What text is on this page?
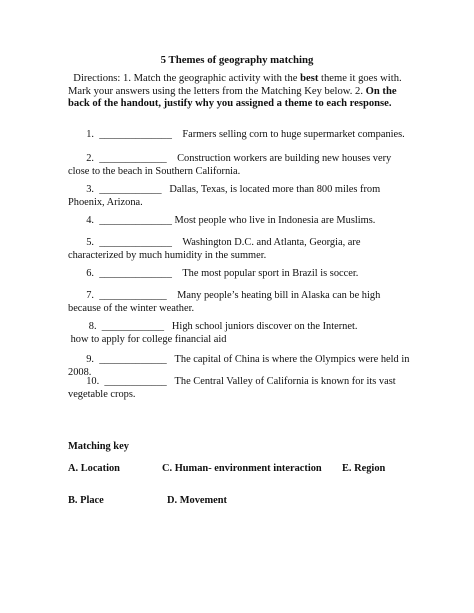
5 Themes of geography matching
Directions: 1. Match the geographic activity with the best theme it goes with. Mark your answers using the letters from the Matching Key below. 2. On the back of the handout, justify why you assigned a theme to each response.
1. ______________ Farmers selling corn to huge supermarket companies.
2. _____________ Construction workers are building new houses very close to the beach in Southern California.
3. ____________ Dallas, Texas, is located more than 800 miles from Phoenix, Arizona.
4. ______________ Most people who live in Indonesia are Muslims.
5. ______________ Washington D.C. and Atlanta, Georgia, are characterized by much humidity in the summer.
6. ______________ The most popular sport in Brazil is soccer.
7. _____________ Many people’s heating bill in Alaska can be high because of the winter weather.
8. ____________ High school juniors discover on the Internet.
how to apply for college financial aid
9. _____________ The capital of China is where the Olympics were held in 2008.
10. ____________ The Central Valley of California is known for its vast vegetable crops.
Matching key
A. Location	C. Human- environment interaction E. Region
B. Place	D. Movement
